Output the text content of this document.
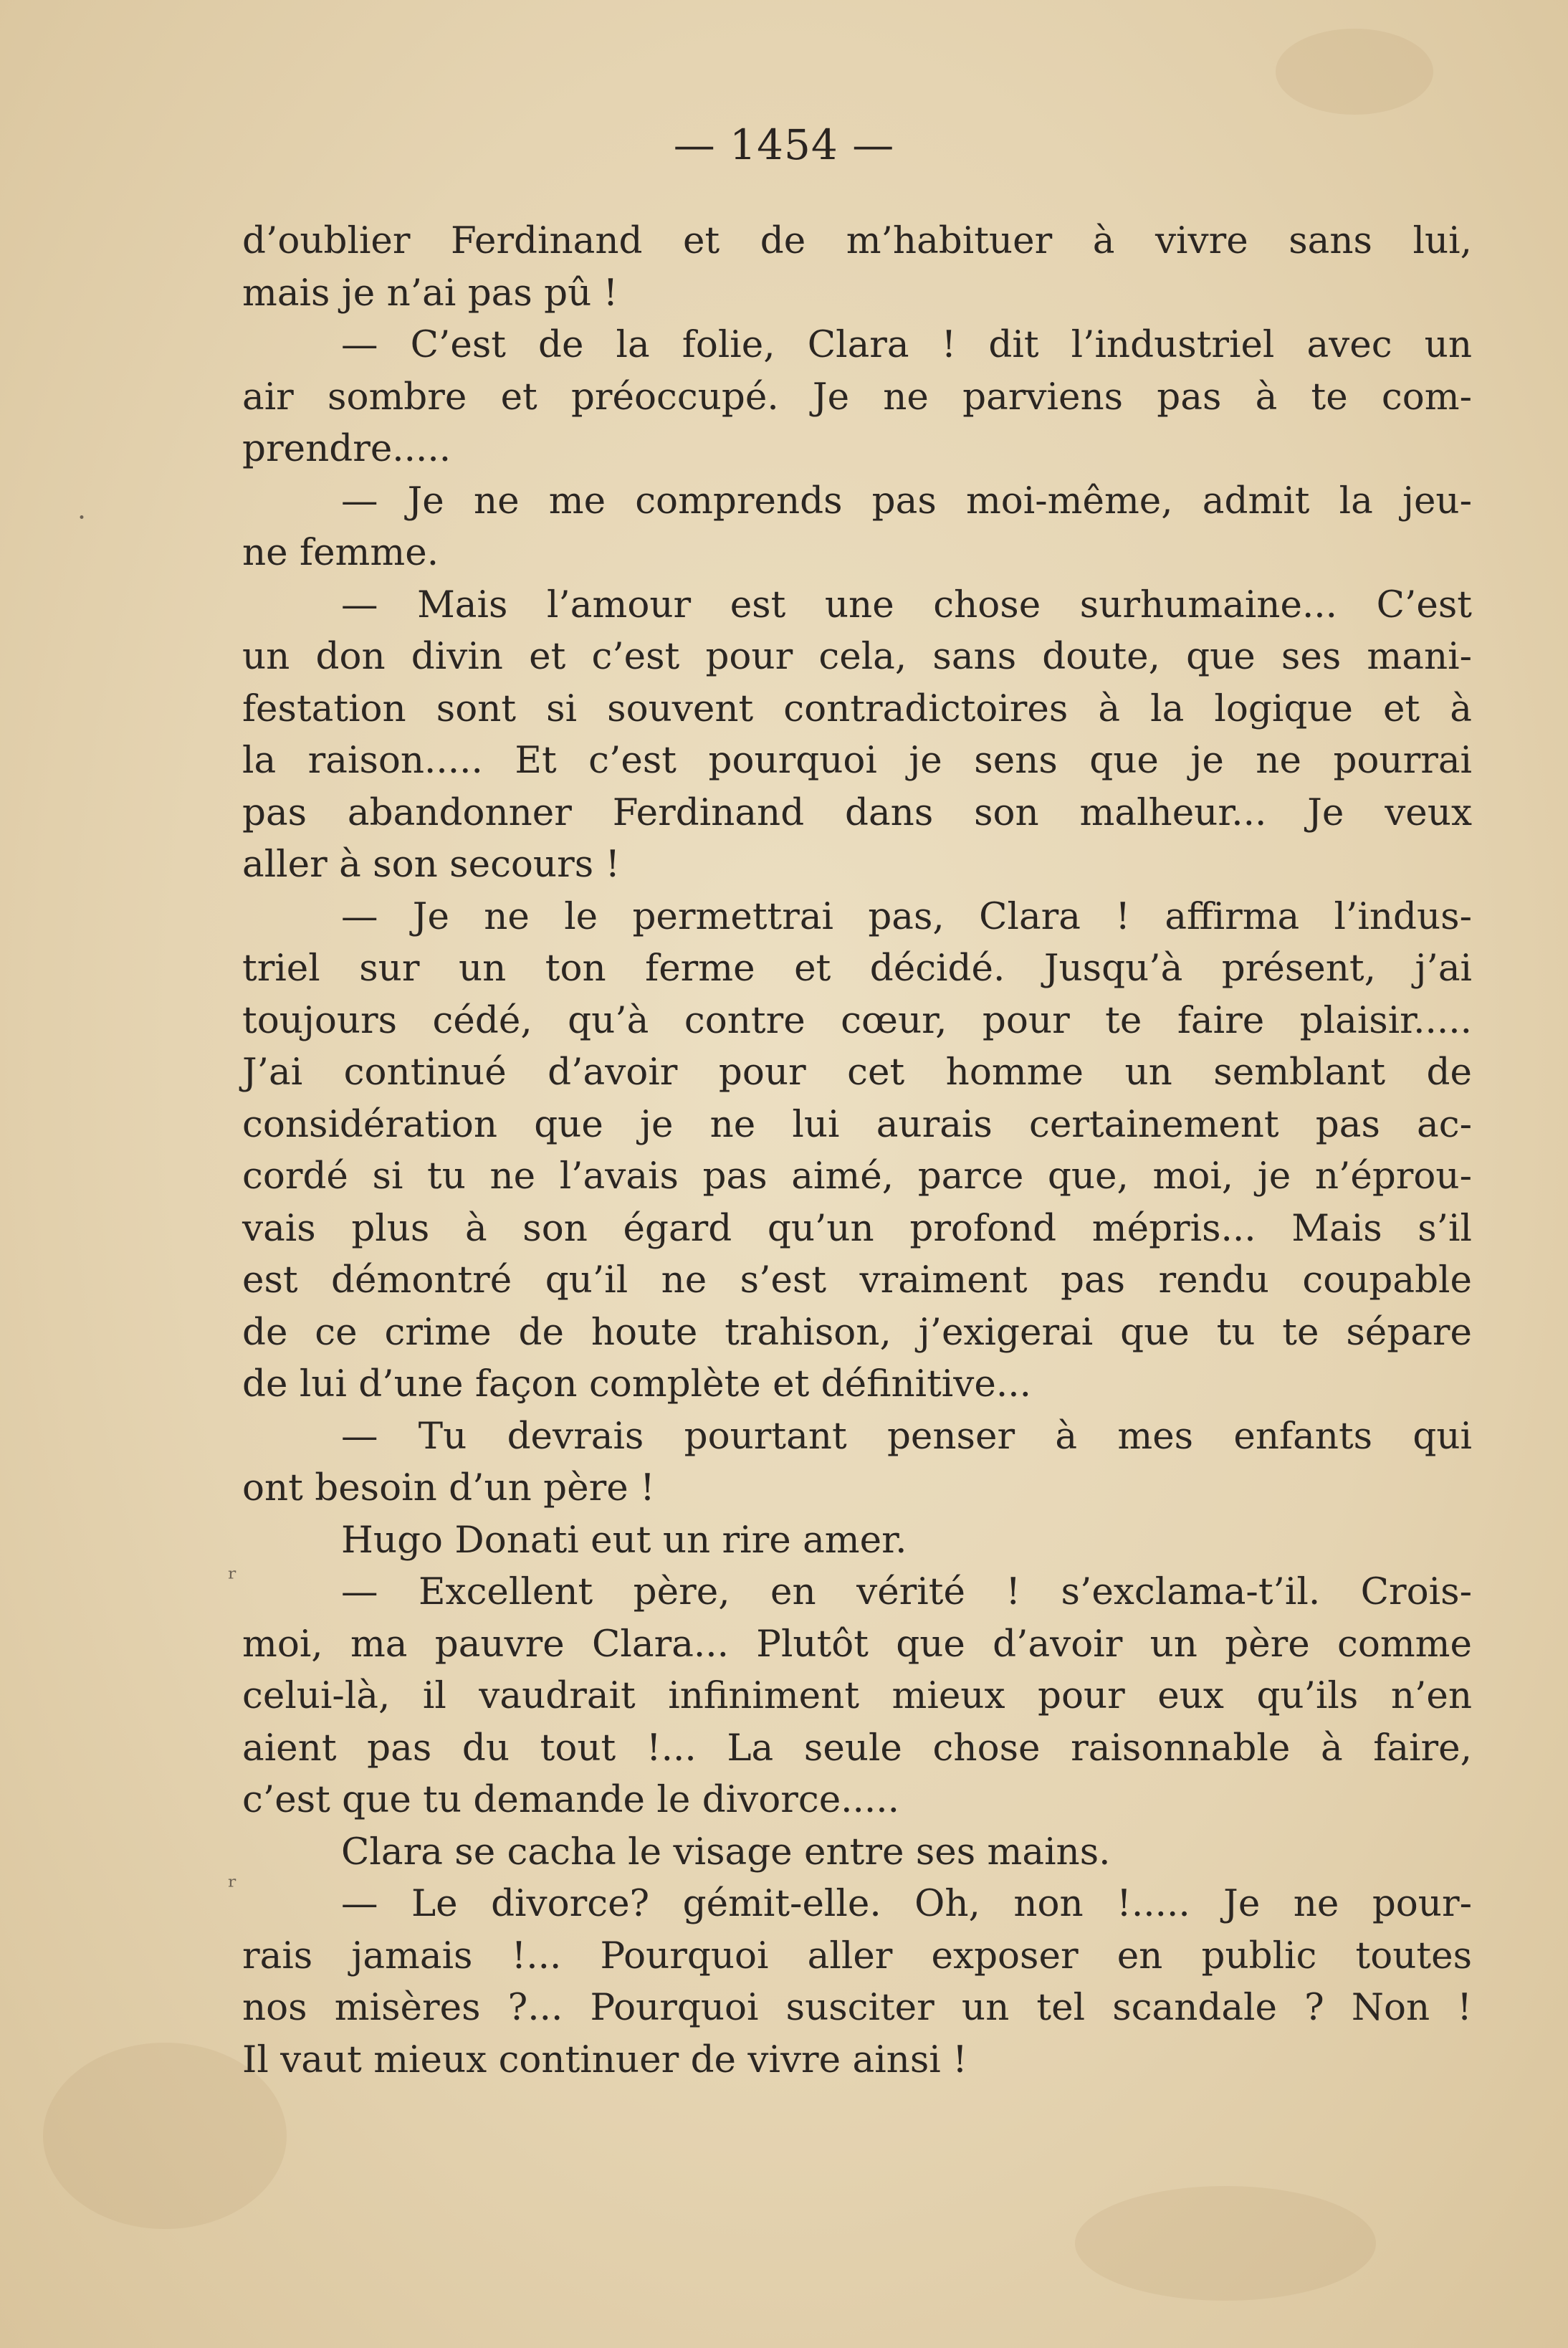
— 1454 —
d’oublier Ferdinand et de m’habituer à vivre sans lui,
mais je n’ai pas pû !
— C’est de la folie, Clara ! dit l’industriel avec un
air sombre et préoccupé. Je ne parviens pas à te com-
prendre.....
— Je ne me comprends pas moi-même, admit la jeu-
ne femme.
— Mais l’amour est une chose surhumaine... C’est
un don divin et c’est pour cela, sans doute, que ses mani-
festation sont si souvent contradictoires à la logique et à
la raison..... Et c’est pourquoi je sens que je ne pourrai
pas abandonner Ferdinand dans son malheur... Je veux
aller à son secours !
— Je ne le permettrai pas, Clara ! affirma l’indus-
triel sur un ton ferme et décidé. Jusqu’à présent, j’ai
toujours cédé, qu’à contre cœur, pour te faire plaisir.....
J’ai continué d’avoir pour cet homme un semblant de
considération que je ne lui aurais certainement pas ac-
cordé si tu ne l’avais pas aimé, parce que, moi, je n’éprou-
vais plus à son égard qu’un profond mépris... Mais s’il
est démontré qu’il ne s’est vraiment pas rendu coupable
de ce crime de houte trahison, j’exigerai que tu te sépare
de lui d’une façon complète et définitive...
— Tu devrais pourtant penser à mes enfants qui
ont besoin d’un père !
Hugo Donati eut un rire amer.
— Excellent père, en vérité ! s’exclama-t’il. Crois-
moi, ma pauvre Clara... Plutôt que d’avoir un père comme
celui-là, il vaudrait infiniment mieux pour eux qu’ils n’en
aient pas du tout !... La seule chose raisonnable à faire,
c’est que tu demande le divorce.....
Clara se cacha le visage entre ses mains.
— Le divorce? gémit-elle. Oh, non !..... Je ne pour-
rais jamais !... Pourquoi aller exposer en public toutes
nos misères ?... Pourquoi susciter un tel scandale ? Non !
Il vaut mieux continuer de vivre ainsi !
·
ʳ
ʳ
